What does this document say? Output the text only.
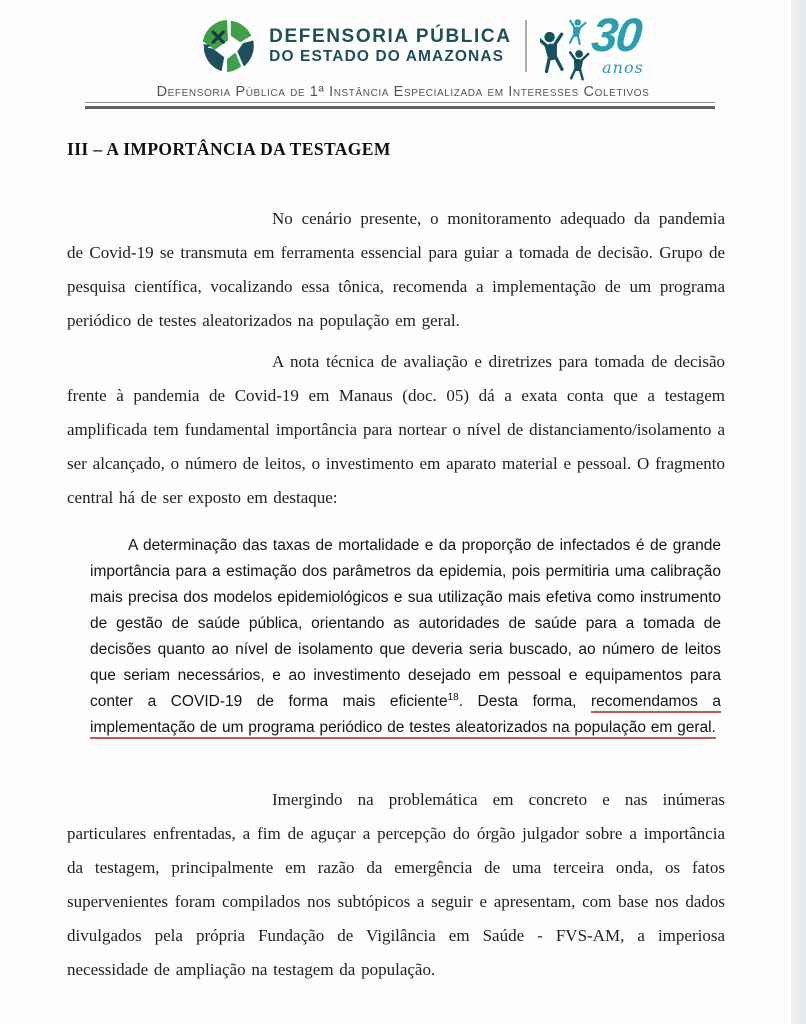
DEFENSORIA PÚBLICA
DO ESTADO DO AMAZONAS 30
anos
Defensoria Pública de 1ª Instância Especializada em Interesses Coletivos
III – A IMPORTÂNCIA DA TESTAGEM

No cenário presente, o monitoramento adequado da pandemia de Covid-19 se transmuta em ferramenta essencial para guiar a tomada de decisão. Grupo de pesquisa científica, vocalizando essa tônica, recomenda a implementação de um programa periódico de testes aleatorizados na população em geral.

A nota técnica de avaliação e diretrizes para tomada de decisão frente à pandemia de Covid-19 em Manaus (doc. 05) dá a exata conta que a testagem amplificada tem fundamental importância para nortear o nível de distanciamento/isolamento a ser alcançado, o número de leitos, o investimento em aparato material e pessoal. O fragmento central há de ser exposto em destaque:

A determinação das taxas de mortalidade e da proporção de infectados é de grande importância para a estimação dos parâmetros da epidemia, pois permitiria uma calibração mais precisa dos modelos epidemiológicos e sua utilização mais efetiva como instrumento de gestão de saúde pública, orientando as autoridades de saúde para a tomada de decisões quanto ao nível de isolamento que deveria seria buscado, ao número de leitos que seriam necessários, e ao investimento desejado em pessoal e equipamentos para conter a COVID-19 de forma mais eficiente$^{18}$. Desta forma, recomendamos a implementação de um programa periódico de testes aleatorizados na população em geral.

Imergindo na problemática em concreto e nas inúmeras particulares enfrentadas, a fim de aguçar a percepção do órgão julgador sobre a importância da testagem, principalmente em razão da emergência de uma terceira onda, os fatos supervenientes foram compilados nos subtópicos a seguir e apresentam, com base nos dados divulgados pela própria Fundação de Vigilância em Saúde - FVS-AM, a imperiosa necessidade de ampliação na testagem da população.
